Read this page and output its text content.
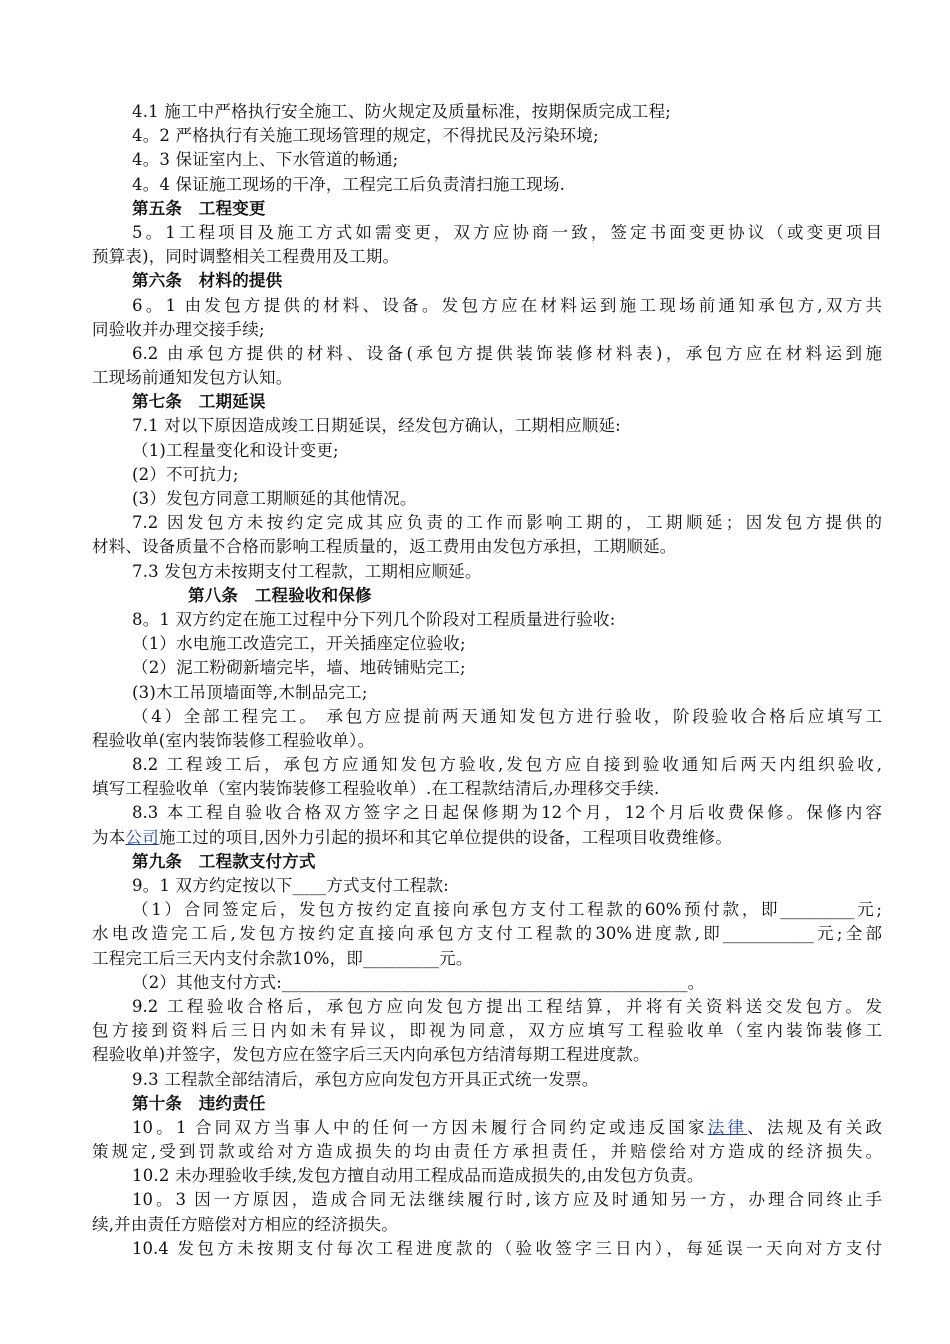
4.1 施工中严格执行安全施工、防火规定及质量标准，按期保质完成工程;
4。2 严格执行有关施工现场管理的规定，不得扰民及污染环境;
4。3 保证室内上、下水管道的畅通;
4。4 保证施工现场的干净，工程完工后负责清扫施工现场.
第五条　工程变更
5。1工程项目及施工方式如需变更，双方应协商一致，签定书面变更协议（或变更项目
预算表)，同时调整相关工程费用及工期。
第六条　材料的提供
6。1 由发包方提供的材料、设备。发包方应在材料运到施工现场前通知承包方,双方共
同验收并办理交接手续;
6.2 由承包方提供的材料、设备(承包方提供装饰装修材料表)，承包方应在材料运到施
工现场前通知发包方认知。
第七条　工期延误
7.1 对以下原因造成竣工日期延误，经发包方确认，工期相应顺延:
（1)工程量变化和设计变更;
(2）不可抗力;
(3）发包方同意工期顺延的其他情况。
7.2 因发包方未按约定完成其应负责的工作而影响工期的，工期顺延；因发包方提供的
材料、设备质量不合格而影响工程质量的，返工费用由发包方承担，工期顺延。
7.3 发包方未按期支付工程款，工期相应顺延。
第八条　工程验收和保修
8。1 双方约定在施工过程中分下列几个阶段对工程质量进行验收:
（1）水电施工改造完工，开关插座定位验收;
（2）泥工粉砌新墙完毕，墙、地砖铺贴完工;
(3)木工吊顶墙面等,木制品完工;
（4）全部工程完工。 承包方应提前两天通知发包方进行验收，阶段验收合格后应填写工
程验收单(室内装饰装修工程验收单）。
8.2 工程竣工后，承包方应通知发包方验收,发包方应自接到验收通知后两天内组织验收,
填写工程验收单（室内装饰装修工程验收单）.在工程款结清后,办理移交手续.
8.3 本工程自验收合格双方签字之日起保修期为12个月，12个月后收费保修。保修内容
为本公司施工过的项目,因外力引起的损坏和其它单位提供的设备，工程项目收费维修。
第九条　工程款支付方式
9。1 双方约定按以下____方式支付工程款:
（1）合同签定后，发包方按约定直接向承包方支付工程款的60%预付款，即_________元;
水电改造完工后,发包方按约定直接向承包方支付工程款的30%进度款,即___________元;全部
工程完工后三天内支付余款10%，即_________元。
（2）其他支付方式:________________________________________________。
9.2 工程验收合格后，承包方应向发包方提出工程结算，并将有关资料送交发包方。发
包方接到资料后三日内如未有异议，即视为同意，双方应填写工程验收单（室内装饰装修工
程验收单)并签字，发包方应在签字后三天内向承包方结清每期工程进度款。
9.3 工程款全部结清后，承包方应向发包方开具正式统一发票。
第十条　违约责任
10。1 合同双方当事人中的任何一方因未履行合同约定或违反国家法律、法规及有关政
策规定,受到罚款或给对方造成损失的均由责任方承担责任，并赔偿给对方造成的经济损失。
10.2 未办理验收手续,发包方擅自动用工程成品而造成损失的,由发包方负责。
10。3 因一方原因，造成合同无法继续履行时,该方应及时通知另一方，办理合同终止手
续,并由责任方赔偿对方相应的经济损失。
10.4 发包方未按期支付每次工程进度款的（验收签字三日内），每延误一天向对方支付
